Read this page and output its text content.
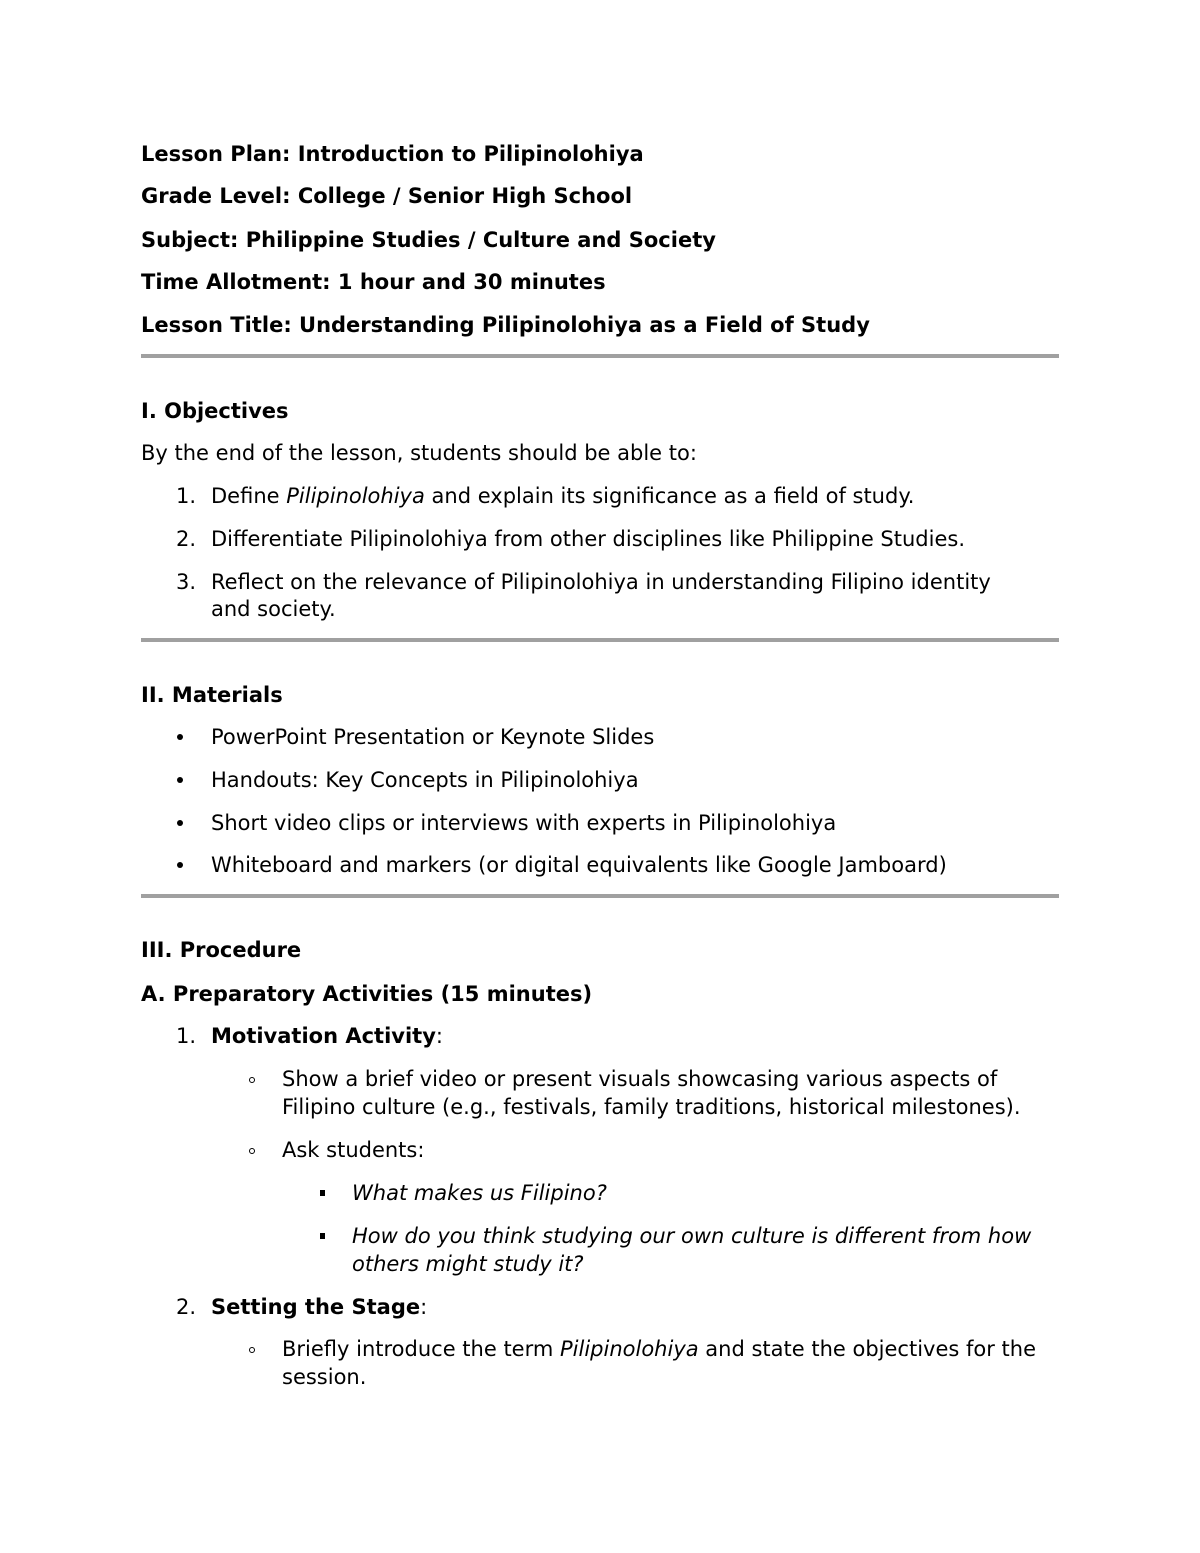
Lesson Plan: Introduction to Pilipinolohiya
Grade Level: College / Senior High School
Subject: Philippine Studies / Culture and Society
Time Allotment: 1 hour and 30 minutes
Lesson Title: Understanding Pilipinolohiya as a Field of Study
I. Objectives
By the end of the lesson, students should be able to:
1. Define Pilipinolohiya and explain its significance as a field of study.
2. Differentiate Pilipinolohiya from other disciplines like Philippine Studies.
3. Reflect on the relevance of Pilipinolohiya in understanding Filipino identity
and society.
II. Materials
PowerPoint Presentation or Keynote Slides
Handouts: Key Concepts in Pilipinolohiya
Short video clips or interviews with experts in Pilipinolohiya
Whiteboard and markers (or digital equivalents like Google Jamboard)
III. Procedure
A. Preparatory Activities (15 minutes)
1. Motivation Activity:
Show a brief video or present visuals showcasing various aspects of
Filipino culture (e.g., festivals, family traditions, historical milestones).
Ask students:
What makes us Filipino?
How do you think studying our own culture is different from how
others might study it?
2. Setting the Stage:
Briefly introduce the term Pilipinolohiya and state the objectives for the
session.
